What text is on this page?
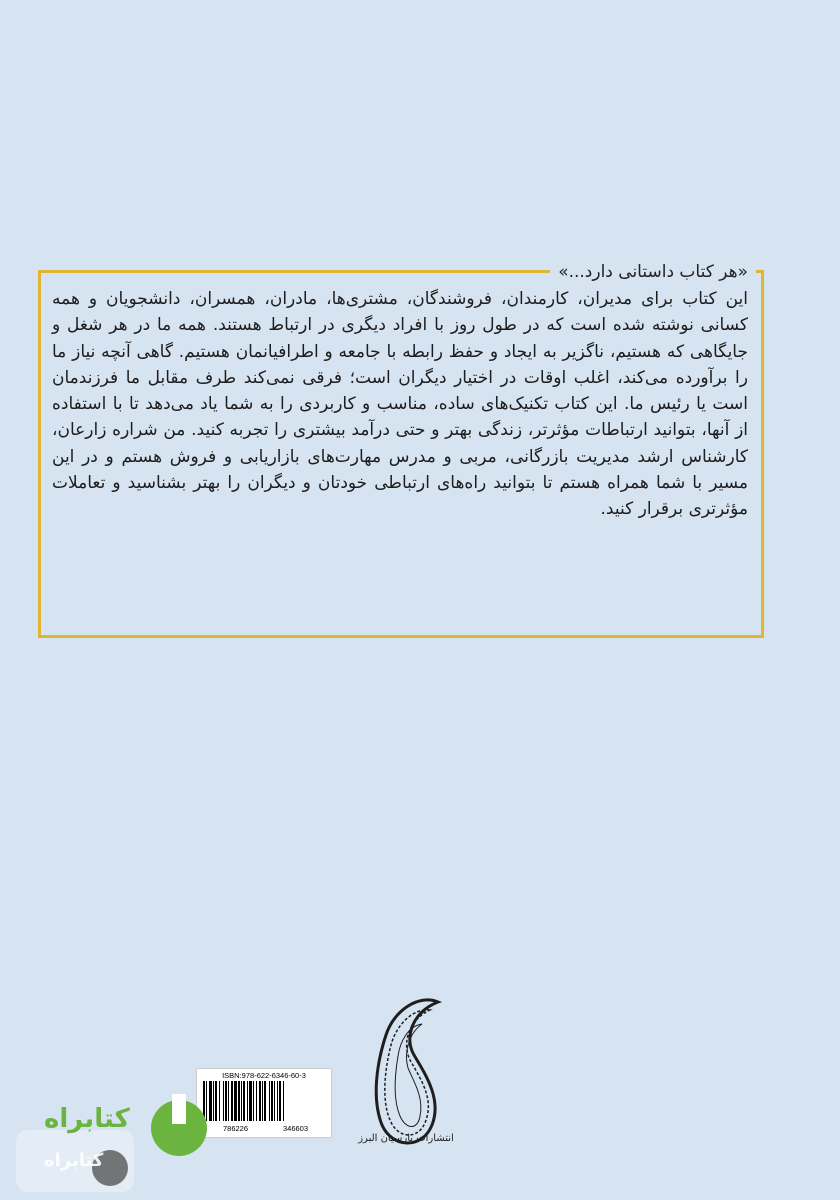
«هر کتاب داستانی دارد...»

این کتاب برای مدیران، کارمندان، فروشندگان، مشتری‌ها، مادران، همسران، دانشجویان و همه کسانی نوشته شده است که در طول روز با افراد دیگری در ارتباط هستند. همه ما در هر شغل و جایگاهی که هستیم، ناگزیر به ایجاد و حفظ رابطه با جامعه و اطرافیانمان هستیم. گاهی آنچه نیاز ما را برآورده می‌کند، اغلب اوقات در اختیار دیگران است؛ فرقی نمی‌کند طرف مقابل ما فرزندمان است یا رئیس ما. این کتاب تکنیک‌های ساده، مناسب و کاربردی را به شما یاد می‌دهد تا با استفاده از آنها، بتوانید ارتباطات مؤثرتر، زندگی بهتر و حتی درآمد بیشتری را تجربه کنید. من شراره زارعان، کارشناس ارشد مدیریت بازرگانی، مربی و مدرس مهارت‌های بازاریابی و فروش هستم و در این مسیر با شما همراه هستم تا بتوانید راه‌های ارتباطی خودتان و دیگران را بهتر بشناسید و تعاملات مؤثرتری برقرار کنید.

ISBN:978-622-6346-60-3
786226	346603
انتشارات پارسیان البرز
کتابراه
کتابراه
